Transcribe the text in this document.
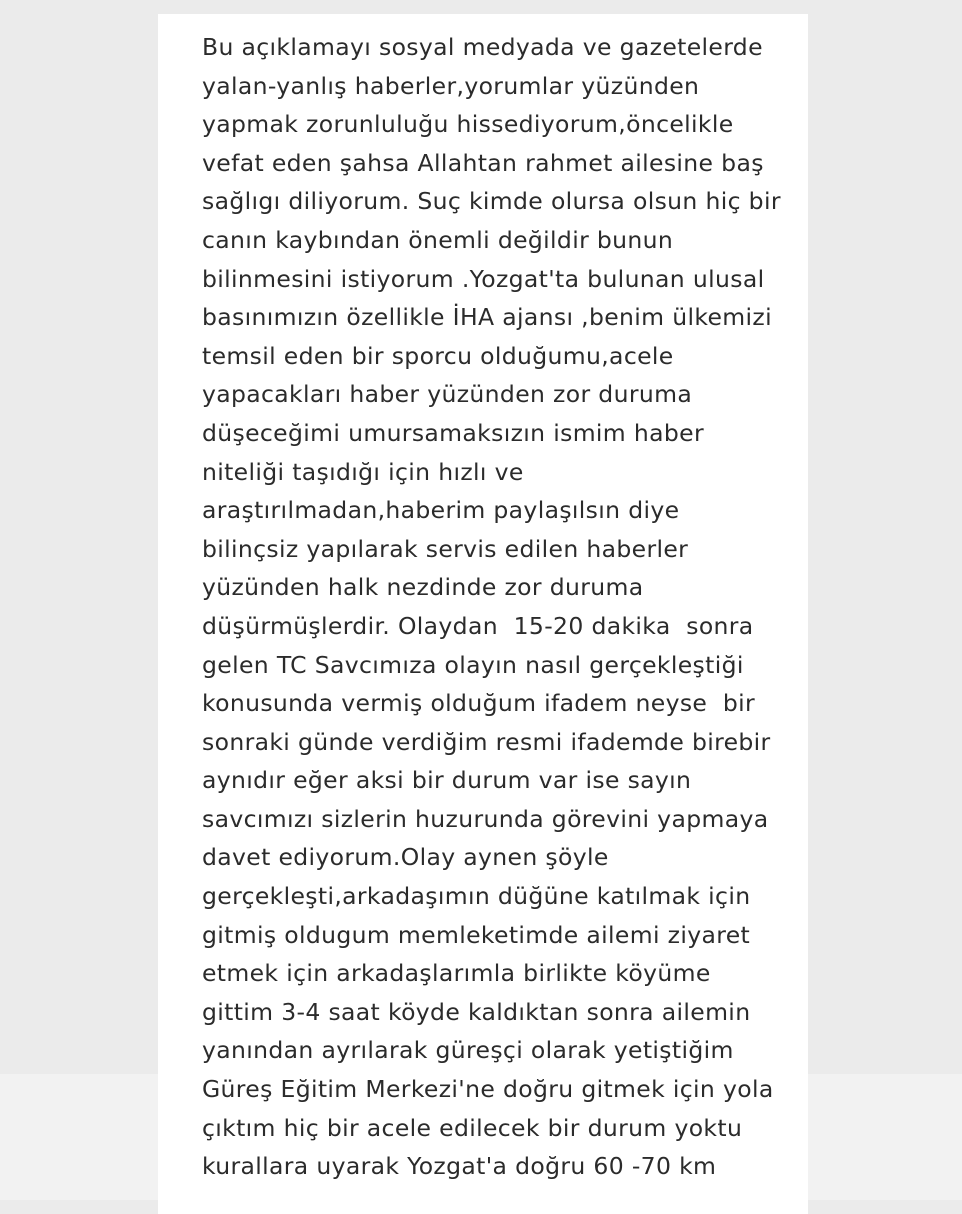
Bu açıklamayı sosyal medyada ve gazetelerde
yalan-yanlış haberler,yorumlar yüzünden
yapmak zorunluluğu hissediyorum,öncelikle
vefat eden şahsa Allahtan rahmet ailesine baş
sağlıgı diliyorum. Suç kimde olursa olsun hiç bir
canın kaybından önemli değildir bunun
bilinmesini istiyorum .Yozgat'ta bulunan ulusal
basınımızın özellikle İHA ajansı ,benim ülkemizi
temsil eden bir sporcu olduğumu,acele
yapacakları haber yüzünden zor duruma
düşeceğimi umursamaksızın ismim haber
niteliği taşıdığı için hızlı ve
araştırılmadan,haberim paylaşılsın diye
bilinçsiz yapılarak servis edilen haberler
yüzünden halk nezdinde zor duruma
düşürmüşlerdir. Olaydan  15-20 dakika  sonra
gelen TC Savcımıza olayın nasıl gerçekleştiği
konusunda vermiş olduğum ifadem neyse  bir
sonraki günde verdiğim resmi ifademde birebir
aynıdır eğer aksi bir durum var ise sayın
savcımızı sizlerin huzurunda görevini yapmaya
davet ediyorum.Olay aynen şöyle
gerçekleşti,arkadaşımın düğüne katılmak için
gitmiş oldugum memleketimde ailemi ziyaret
etmek için arkadaşlarımla birlikte köyüme
gittim 3-4 saat köyde kaldıktan sonra ailemin
yanından ayrılarak güreşçi olarak yetiştiğim
Güreş Eğitim Merkezi'ne doğru gitmek için yola
çıktım hiç bir acele edilecek bir durum yoktu
kurallara uyarak Yozgat'a doğru 60 -70 km
